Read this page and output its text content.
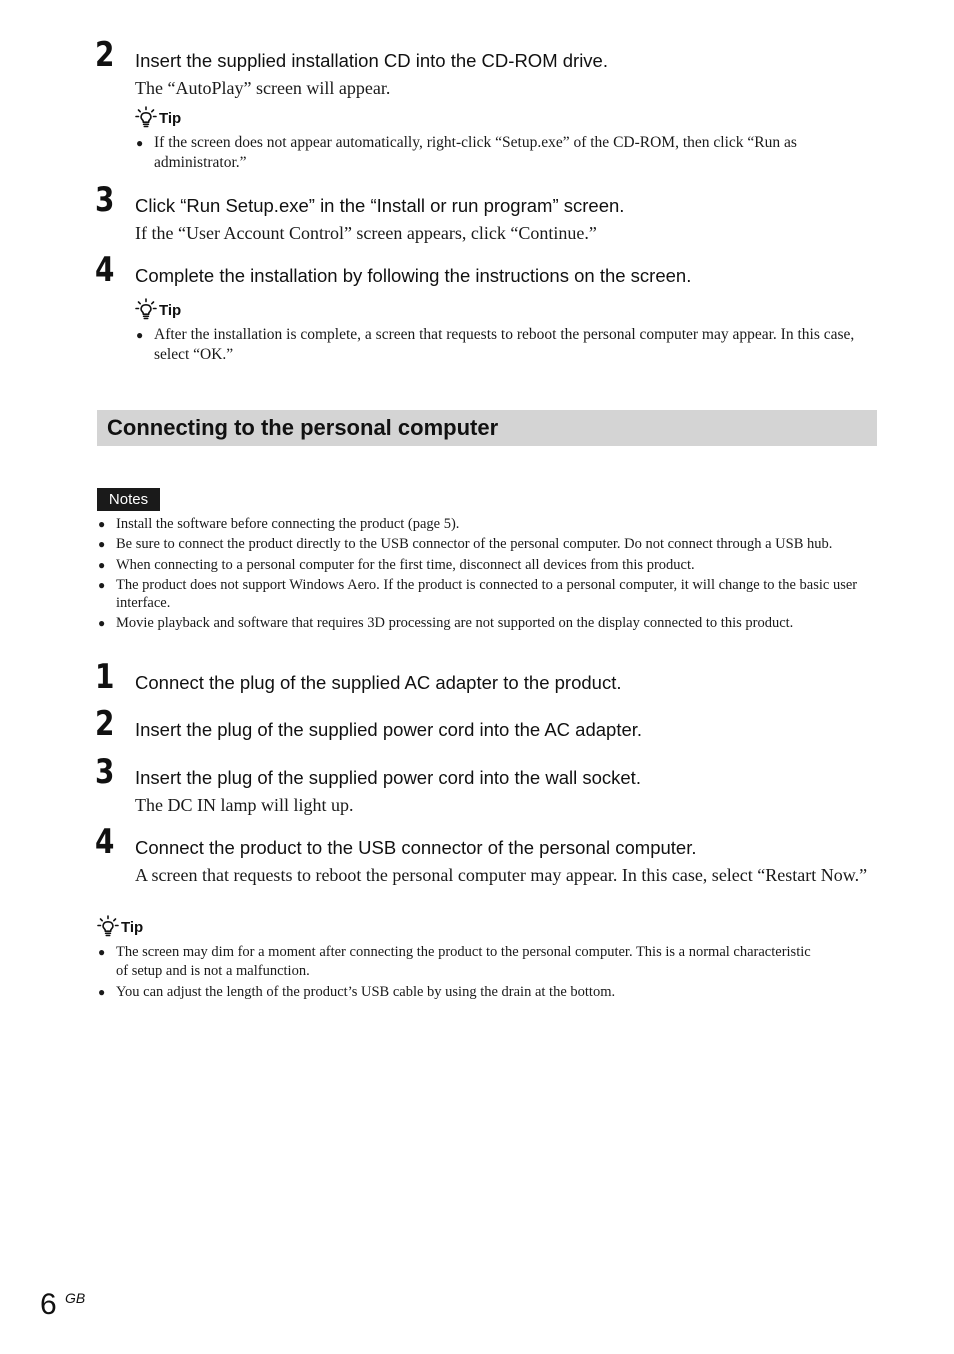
2 Insert the supplied installation CD into the CD-ROM drive.
The “AutoPlay” screen will appear.
Tip
● If the screen does not appear automatically, right-click “Setup.exe” of the CD-ROM, then click “Run as administrator.”
3 Click “Run Setup.exe” in the “Install or run program” screen.
If the “User Account Control” screen appears, click “Continue.”
4 Complete the installation by following the instructions on the screen.
Tip
● After the installation is complete, a screen that requests to reboot the personal computer may appear. In this case, select “OK.”
Connecting to the personal computer
Notes
● Install the software before connecting the product (page 5).
● Be sure to connect the product directly to the USB connector of the personal computer. Do not connect through a USB hub.
● When connecting to a personal computer for the first time, disconnect all devices from this product.
● The product does not support Windows Aero. If the product is connected to a personal computer, it will change to the basic user interface.
● Movie playback and software that requires 3D processing are not supported on the display connected to this product.
1 Connect the plug of the supplied AC adapter to the product.
2 Insert the plug of the supplied power cord into the AC adapter.
3 Insert the plug of the supplied power cord into the wall socket.
The DC IN lamp will light up.
4 Connect the product to the USB connector of the personal computer.
A screen that requests to reboot the personal computer may appear. In this case, select “Restart Now.”
Tip
● The screen may dim for a moment after connecting the product to the personal computer. This is a normal characteristic of setup and is not a malfunction.
● You can adjust the length of the product’s USB cable by using the drain at the bottom.
6 GB
